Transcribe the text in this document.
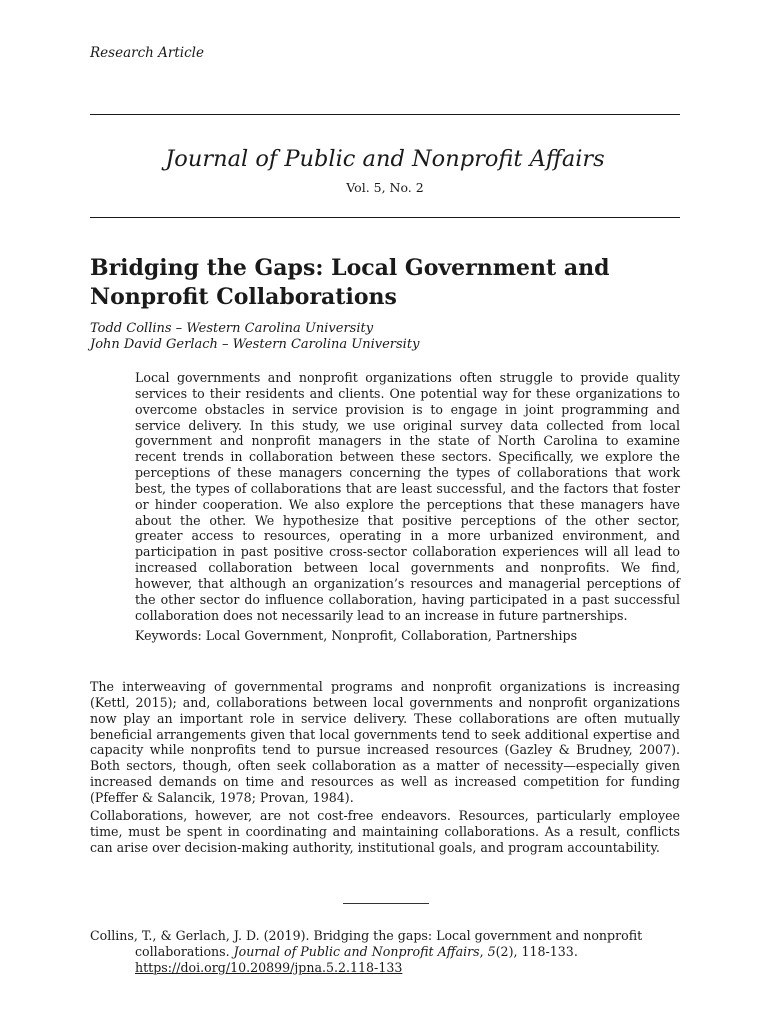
Research Article
Journal of Public and Nonprofit Affairs
Vol. 5, No. 2
Bridging the Gaps: Local Government and Nonprofit Collaborations
Todd Collins – Western Carolina University
John David Gerlach – Western Carolina University
Local governments and nonprofit organizations often struggle to provide quality services to their residents and clients. One potential way for these organizations to overcome obstacles in service provision is to engage in joint programming and service delivery. In this study, we use original survey data collected from local government and nonprofit managers in the state of North Carolina to examine recent trends in collaboration between these sectors. Specifically, we explore the perceptions of these managers concerning the types of collaborations that work best, the types of collaborations that are least successful, and the factors that foster or hinder cooperation. We also explore the perceptions that these managers have about the other. We hypothesize that positive perceptions of the other sector, greater access to resources, operating in a more urbanized environment, and participation in past positive cross-sector collaboration experiences will all lead to increased collaboration between local governments and nonprofits. We find, however, that although an organization’s resources and managerial perceptions of the other sector do influence collaboration, having participated in a past successful collaboration does not necessarily lead to an increase in future partnerships.
Keywords: Local Government, Nonprofit, Collaboration, Partnerships
The interweaving of governmental programs and nonprofit organizations is increasing (Kettl, 2015); and, collaborations between local governments and nonprofit organizations now play an important role in service delivery. These collaborations are often mutually beneficial arrangements given that local governments tend to seek additional expertise and capacity while nonprofits tend to pursue increased resources (Gazley & Brudney, 2007). Both sectors, though, often seek collaboration as a matter of necessity—especially given increased demands on time and resources as well as increased competition for funding (Pfeffer & Salancik, 1978; Provan, 1984).
Collaborations, however, are not cost-free endeavors. Resources, particularly employee time, must be spent in coordinating and maintaining collaborations. As a result, conflicts can arise over decision-making authority, institutional goals, and program accountability.
Collins, T., & Gerlach, J. D. (2019). Bridging the gaps: Local government and nonprofit collaborations. Journal of Public and Nonprofit Affairs, 5(2), 118-133.
https://doi.org/10.20899/jpna.5.2.118-133
